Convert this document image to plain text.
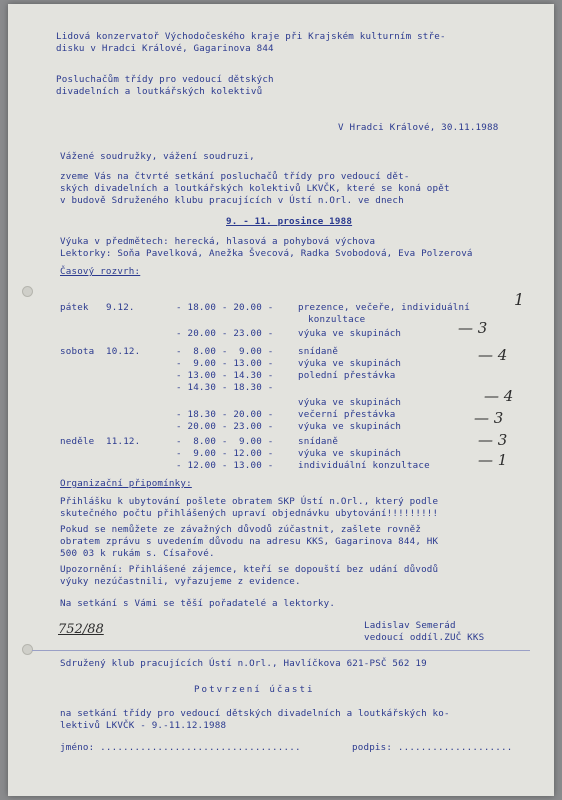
Lidová konzervatoř Východočeského kraje při Krajském kulturním stře-
disku v Hradci Králové, Gagarinova 844
Posluchačům třídy pro vedoucí dětských
divadelních a loutkářských kolektivů
V Hradci Králové, 30.11.1988
Vážené soudružky, vážení soudruzi,
zveme Vás na čtvrté setkání posluchačů třídy pro vedoucí dět-
ských divadelních a loutkářských kolektivů LKVČK, které se koná opět
v budově Sdruženého klubu pracujících v Ústí n.Orl. ve dnech
9. - 11. prosince 1988
Výuka v předmětech: herecká, hlasová a pohybová výchova
Lektorky: Soňa Pavelková, Anežka Švecová, Radka Svobodová, Eva Polzerová
Časový rozvrh:
pátek 9.12.	- 18.00 - 20.00 -	prezence, večeře, individuální
konzultace
- 20.00 - 23.00 -	výuka ve skupinách
sobota 10.12.	-  8.00 -  9.00 -	snídaně
-  9.00 - 13.00 -	výuka ve skupinách
- 13.00 - 14.30 -	polední přestávka
- 14.30 - 18.30 -
výuka ve skupinách
- 18.30 - 20.00 -	večerní přestávka
- 20.00 - 23.00 -	výuka ve skupinách
neděle 11.12.	-  8.00 -  9.00 -	snídaně
-  9.00 - 12.00 -	výuka ve skupinách
- 12.00 - 13.00 -	individuální konzultace
1
— 3
— 4
— 4
— 3
— 3
— 1
Organizační připomínky:
Přihlášku k ubytování pošlete obratem SKP Ústí n.Orl., který podle
skutečného počtu přihlášených upraví objednávku ubytování!!!!!!!!!
Pokud se nemůžete ze závažných důvodů zúčastnit, zašlete rovněž
obratem zprávu s uvedením důvodu na adresu KKS, Gagarinova 844, HK
500 03 k rukám s. Císařové.
Upozornění: Přihlášené zájemce, kteří se dopouští bez udání důvodů
výuky nezúčastnili, vyřazujeme z evidence.
Na setkání s Vámi se těší pořadatelé a lektorky.
752/88	Ladislav Semerád
vedoucí oddíl.ZUČ KKS
Sdružený klub pracujících Ústí n.Orl., Havlíčkova 621-PSČ 562 19
Potvrzení účasti
na setkání třídy pro vedoucí dětských divadelních a loutkářských ko-
lektivů LKVČK - 9.-11.12.1988
jméno: ...................................	podpis: ....................
